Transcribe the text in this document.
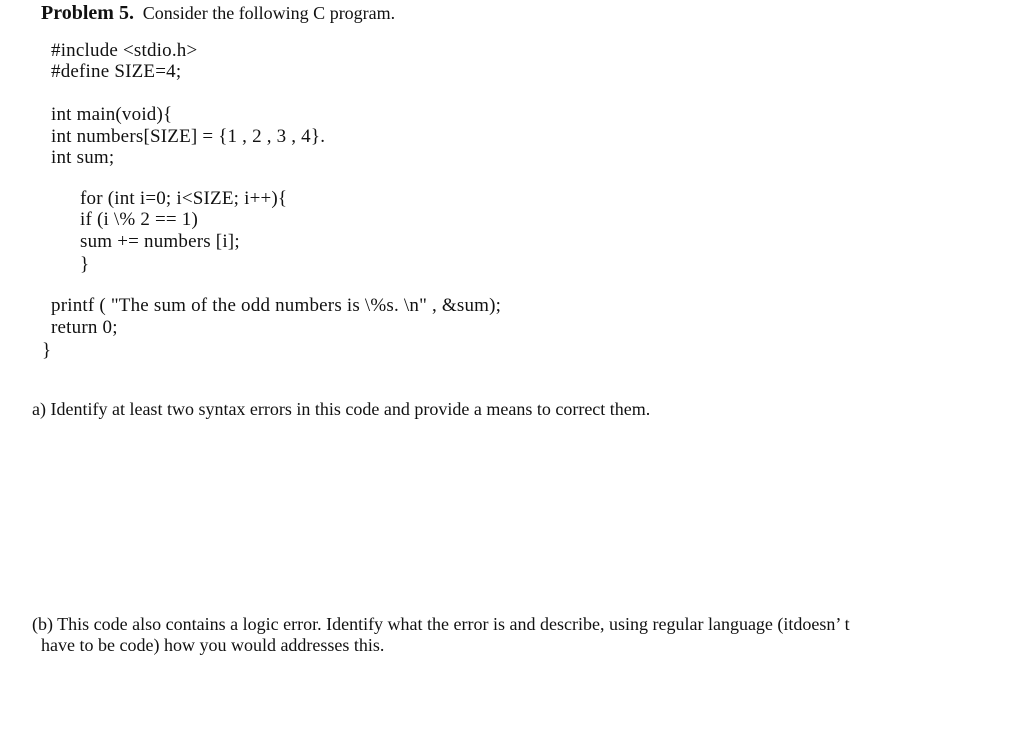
Problem 5. Consider the following C program.
#include <stdio.h>
#define SIZE=4;
int main(void){
int numbers[SIZE] = {1 , 2 , 3 , 4}.
int sum;
for (int i=0; i<SIZE; i++){
if (i \% 2 == 1)
sum += numbers [i];
}
printf ( "The sum of the odd numbers is \%s. \n" , &sum);
return 0;
}
a) Identify at least two syntax errors in this code and provide a means to correct them.
(b) This code also contains a logic error. Identify what the error is and describe, using regular language (itdoesn’ t
have to be code) how you would addresses this.
